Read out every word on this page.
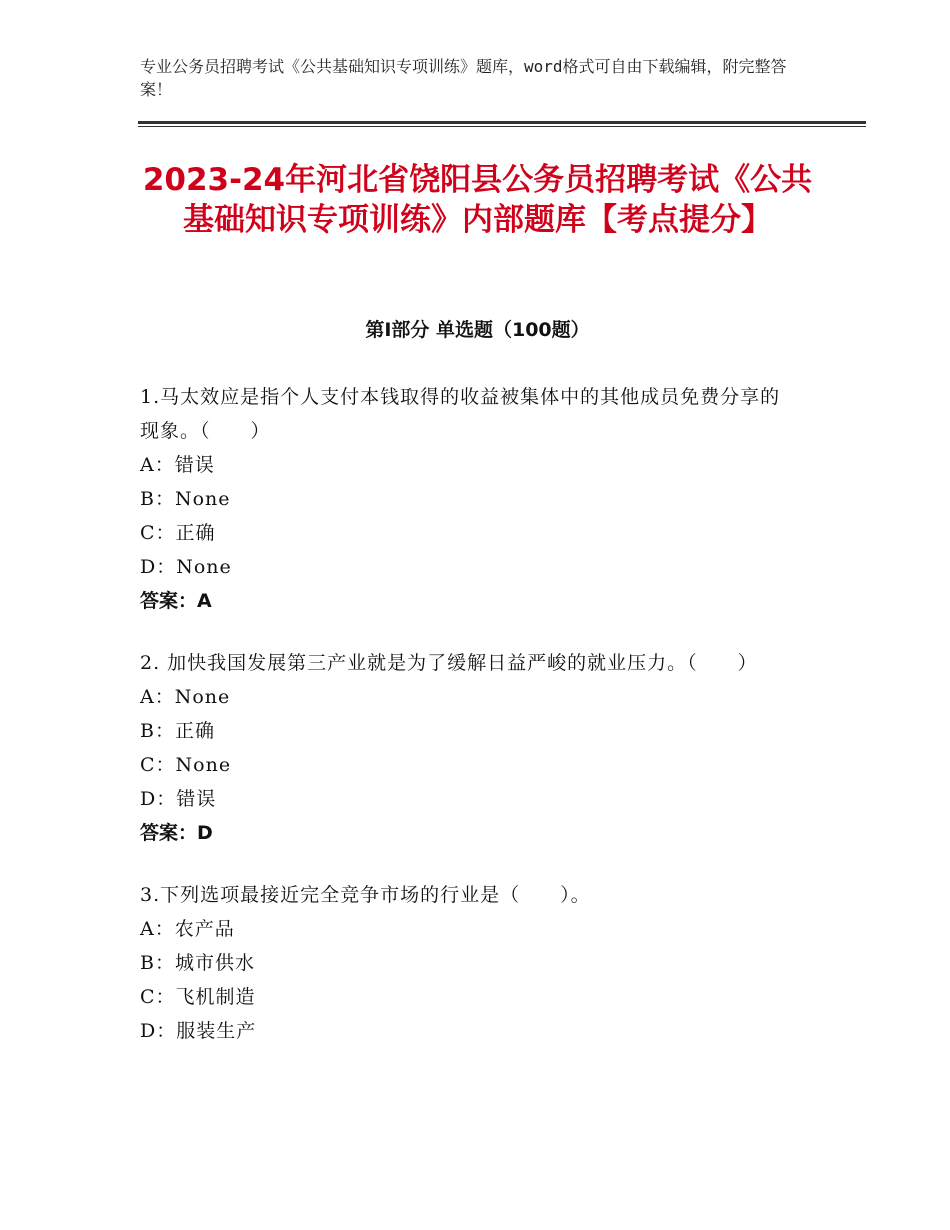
专业公务员招聘考试《公共基础知识专项训练》题库，word格式可自由下载编辑，附完整答案！
2023-24年河北省饶阳县公务员招聘考试《公共基础知识专项训练》内部题库【考点提分】
第I部分 单选题（100题）
1.马太效应是指个人支付本钱取得的收益被集体中的其他成员免费分享的现象。（　　）
A：错误
B：None
C：正确
D：None
答案：A
2. 加快我国发展第三产业就是为了缓解日益严峻的就业压力。（　　）
A：None
B：正确
C：None
D：错误
答案：D
3.下列选项最接近完全竞争市场的行业是（　　）。
A：农产品
B：城市供水
C：飞机制造
D：服装生产
